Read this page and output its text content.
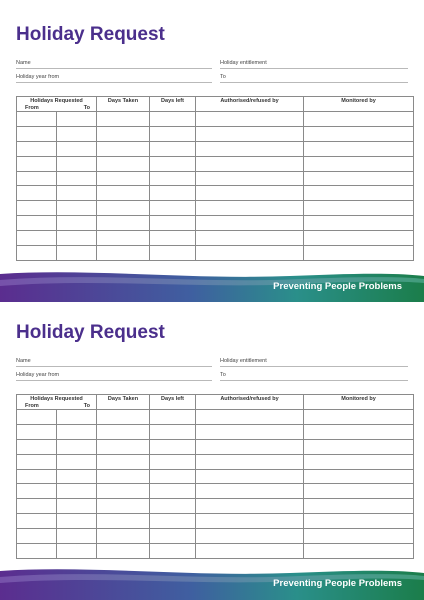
Holiday Request
Name	Holiday entitlement
Holiday year from	To
Holidays Requested
From To		Days Taken	Days left	Authorised/refused by	Monitored by

Holiday Request
Name	Holiday entitlement
Holiday year from	To
Holidays Requested
From To		Days Taken	Days left	Authorised/refused by	Monitored by

Preventing People Problems
Preventing People Problems
